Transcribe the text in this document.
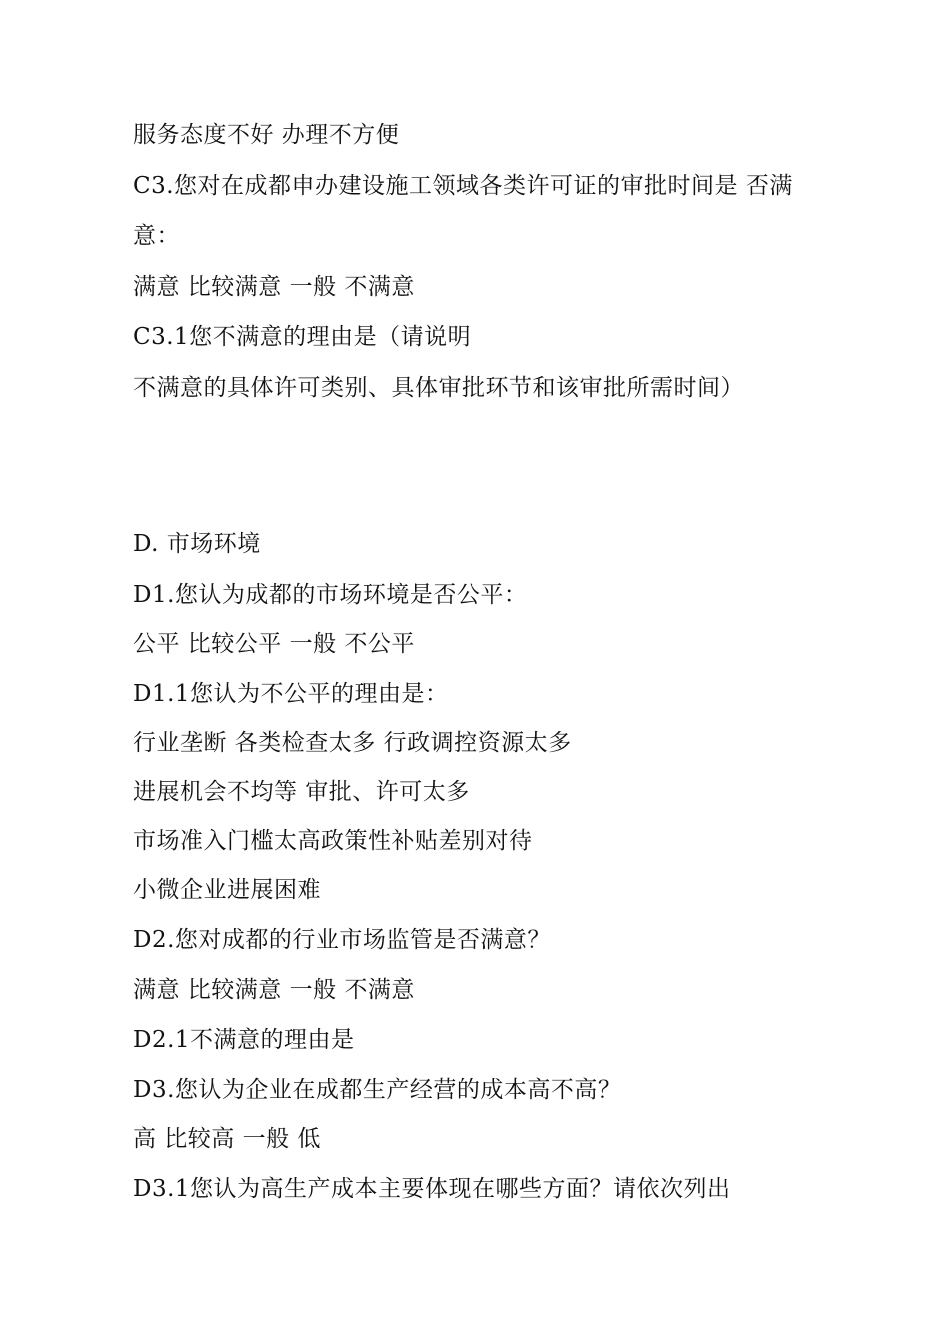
服务态度不好 办理不方便
C3.您对在成都申办建设施工领域各类许可证的审批时间是 否满
意：
满意 比较满意 一般 不满意
C3.1您不满意的理由是（请说明
不满意的具体许可类别、具体审批环节和该审批所需时间）
D. 市场环境
D1.您认为成都的市场环境是否公平：
公平 比较公平 一般 不公平
D1.1您认为不公平的理由是：
行业垄断 各类检查太多 行政调控资源太多
进展机会不均等 审批、许可太多
市场准入门槛太高政策性补贴差别对待
小微企业进展困难
D2.您对成都的行业市场监管是否满意？
满意 比较满意 一般 不满意
D2.1不满意的理由是
D3.您认为企业在成都生产经营的成本高不高？
高 比较高 一般 低
D3.1您认为高生产成本主要体现在哪些方面？请依次列出
